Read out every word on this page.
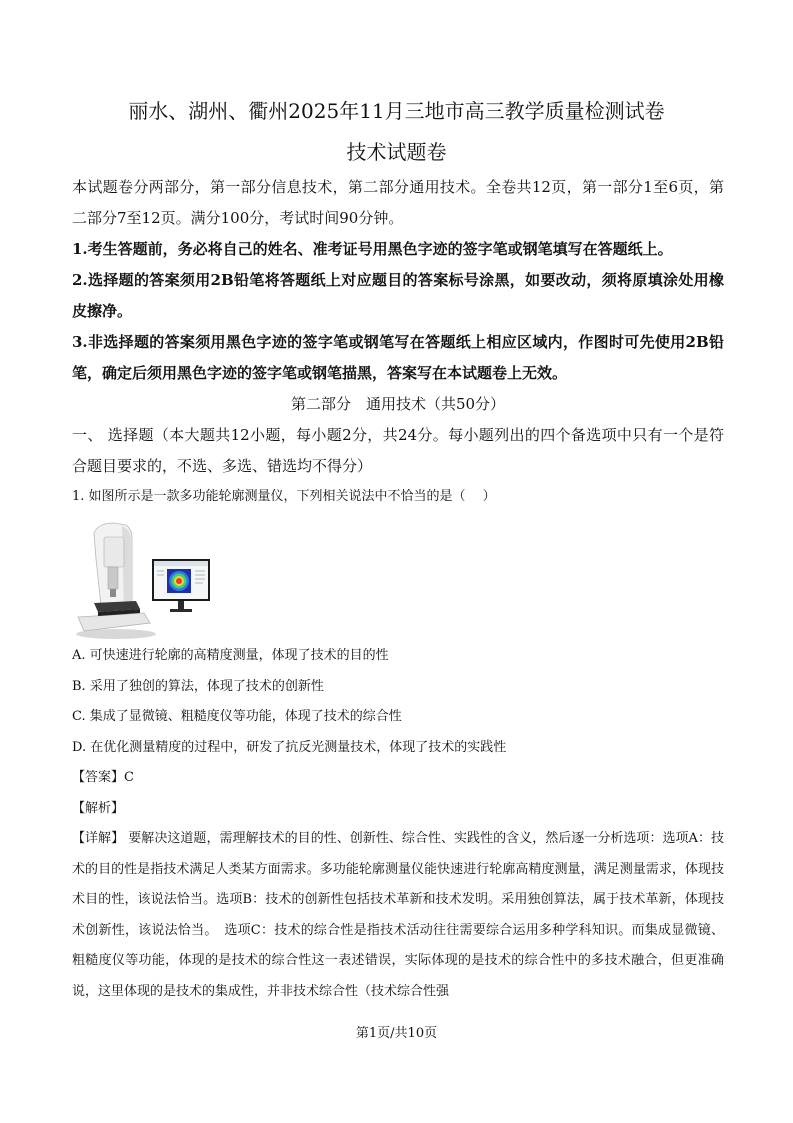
丽水、湖州、衢州2025年11月三地市高三教学质量检测试卷
技术试题卷

本试题卷分两部分，第一部分信息技术，第二部分通用技术。全卷共12页，第一部分1至6页，第二部分7至12页。满分100分，考试时间90分钟。

1.考生答题前，务必将自己的姓名、准考证号用黑色字迹的签字笔或钢笔填写在答题纸上。

2.选择题的答案须用2B铅笔将答题纸上对应题目的答案标号涂黑，如要改动，须将原填涂处用橡皮擦净。

3.非选择题的答案须用黑色字迹的签字笔或钢笔写在答题纸上相应区域内，作图时可先使用2B铅笔，确定后须用黑色字迹的签字笔或钢笔描黑，答案写在本试题卷上无效。

第二部分　通用技术（共50分）

一、 选择题（本大题共12小题，每小题2分，共24分。每小题列出的四个备选项中只有一个是符合题目要求的，不选、多选、错选均不得分）

1. 如图所示是一款多功能轮廓测量仪，下列相关说法中不恰当的是（　 ）

A. 可快速进行轮廓的高精度测量，体现了技术的目的性

B. 采用了独创的算法，体现了技术的创新性

C. 集成了显微镜、粗糙度仪等功能，体现了技术的综合性

D. 在优化测量精度的过程中，研发了抗反光测量技术，体现了技术的实践性

【答案】C

【解析】

【详解】 要解决这道题，需理解技术的目的性、创新性、综合性、实践性的含义，然后逐一分析选项：选项A：技术的目的性是指技术满足人类某方面需求。多功能轮廓测量仪能快速进行轮廓高精度测量，满足测量需求，体现技术目的性，该说法恰当。选项B：技术的创新性包括技术革新和技术发明。采用独创算法，属于技术革新，体现技术创新性，该说法恰当。　选项C：技术的综合性是指技术活动往往需要综合运用多种学科知识。而集成显微镜、粗糙度仪等功能，体现的是技术的综合性这一表述错误，实际体现的是技术的综合性中的多技术融合，但更准确说，这里体现的是技术的集成性，并非技术综合性（技术综合性强

第1页/共10页
